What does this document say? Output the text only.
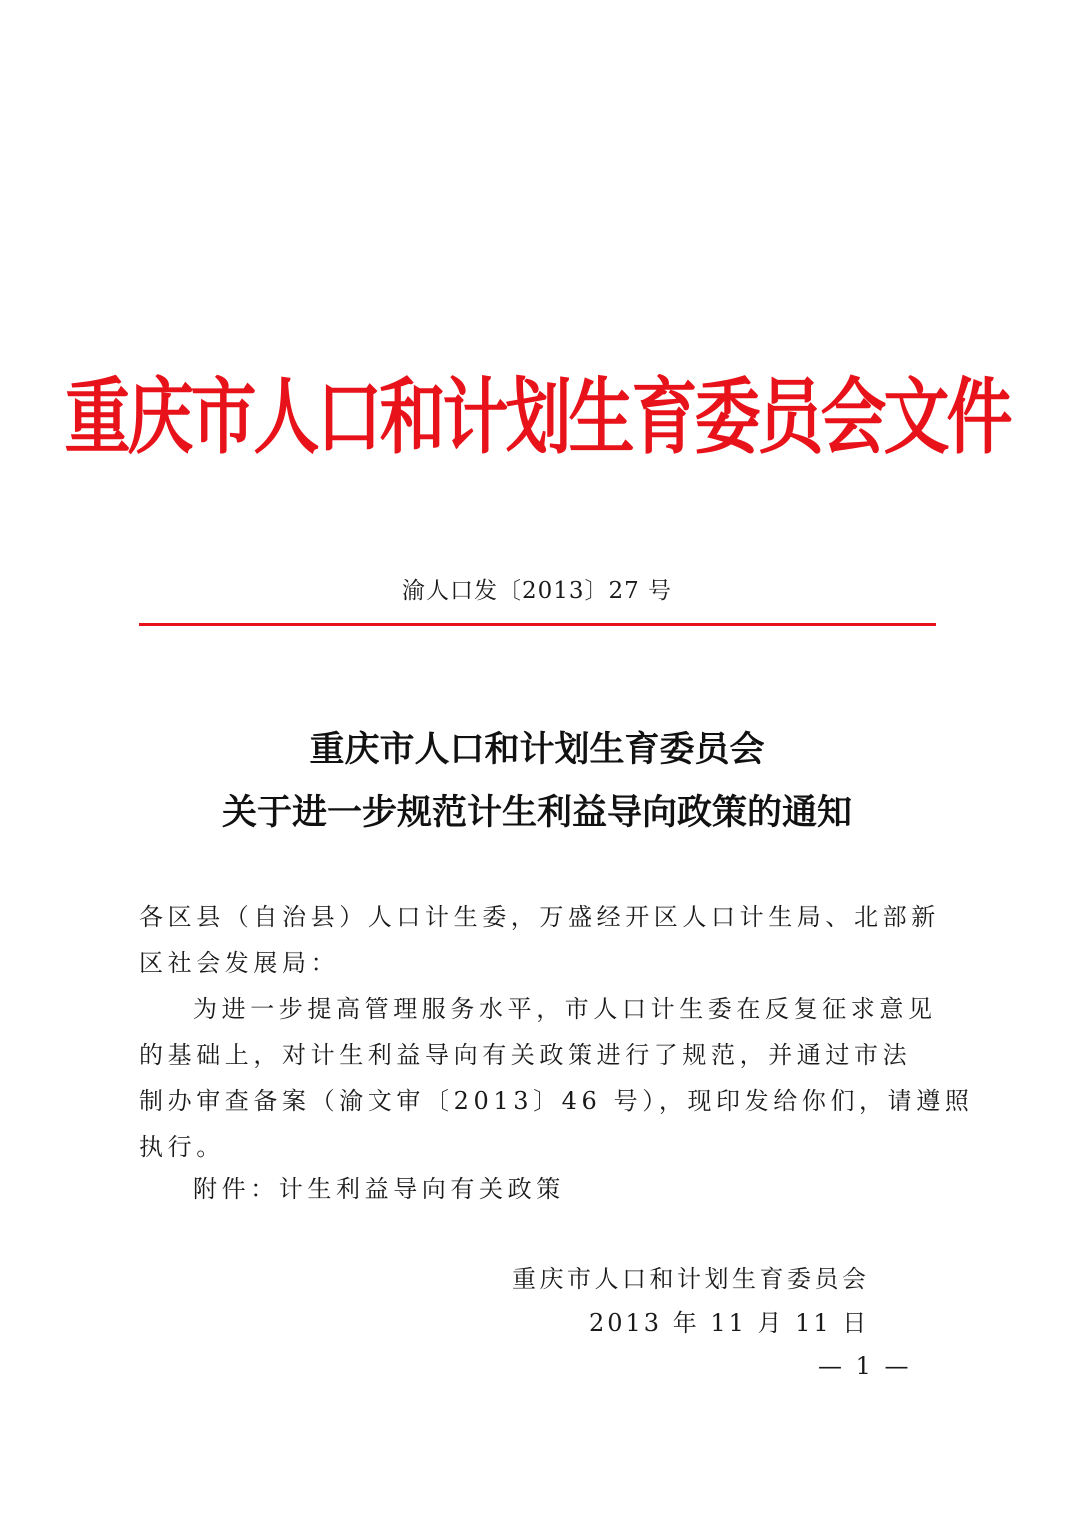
重庆市人口和计划生育委员会文件
渝人口发〔2013〕27 号
重庆市人口和计划生育委员会
关于进一步规范计生利益导向政策的通知
各区县（自治县）人口计生委，万盛经开区人口计生局、北部新
区社会发展局：
为进一步提高管理服务水平，市人口计生委在反复征求意见
的基础上，对计生利益导向有关政策进行了规范，并通过市法
制办审查备案（渝文审〔2013〕46 号），现印发给你们，请遵照
执行。
附件：计生利益导向有关政策
重庆市人口和计划生育委员会
2013 年 11 月 11 日
— 1 —
